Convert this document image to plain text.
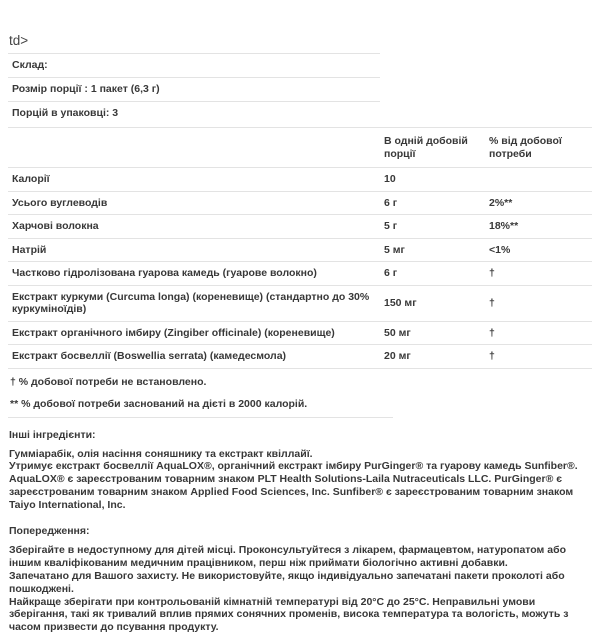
td>
Склад:
Розмір порції : 1 пакет (6,3 г)
Порцій в упаковці: 3
	В одній добовій порції	% від добової потреби
Калорії	10	
Усього вуглеводів	6 г	2%**
Харчові волокна	5 г	18%**
Натрій	5 мг	<1%
Частково гідролізована гуарова камедь (гуарове волокно)	6 г	†
Екстракт куркуми (Curcuma longa) (кореневище) (стандартно до 30% куркуміноїдів)	150 мг	†
Екстракт органічного імбиру (Zingiber officinale) (кореневище)	50 мг	†
Екстракт босвеллії (Boswellia serrata) (камедесмола)	20 мг	†
† % добової потреби не встановлено.
** % добової потреби заснований на дієті в 2000 калорій.
Інші інгредієнти:

Гумміарабік, олія насіння соняшнику та екстракт квіллайї.
Утримує екстракт босвеллії AquaLOX®, органічний екстракт імбиру PurGinger® та гуарову камедь Sunfiber®. AquaLOX® є зареєстрованим товарним знаком PLT Health Solutions-Laila Nutraceuticals LLC. PurGinger® є зареєстрованим товарним знаком Applied Food Sciences, Inc. Sunfiber® є зареєстрованим товарним знаком Taiyo International, Inc.

Попередження:

Зберігайте в недоступному для дітей місці. Проконсультуйтеся з лікарем, фармацевтом, натуропатом або іншим кваліфікованим медичним працівником, перш ніж приймати біологічно активні добавки.
Запечатано для Вашого захисту. Не використовуйте, якщо індивідуально запечатані пакети проколоті або пошкоджені.
Найкраще зберігати при контрольованій кімнатній температурі від 20°C до 25°C. Неправильні умови зберігання, такі як тривалий вплив прямих сонячних променів, висока температура та вологість, можуть з часом призвести до псування продукту.
